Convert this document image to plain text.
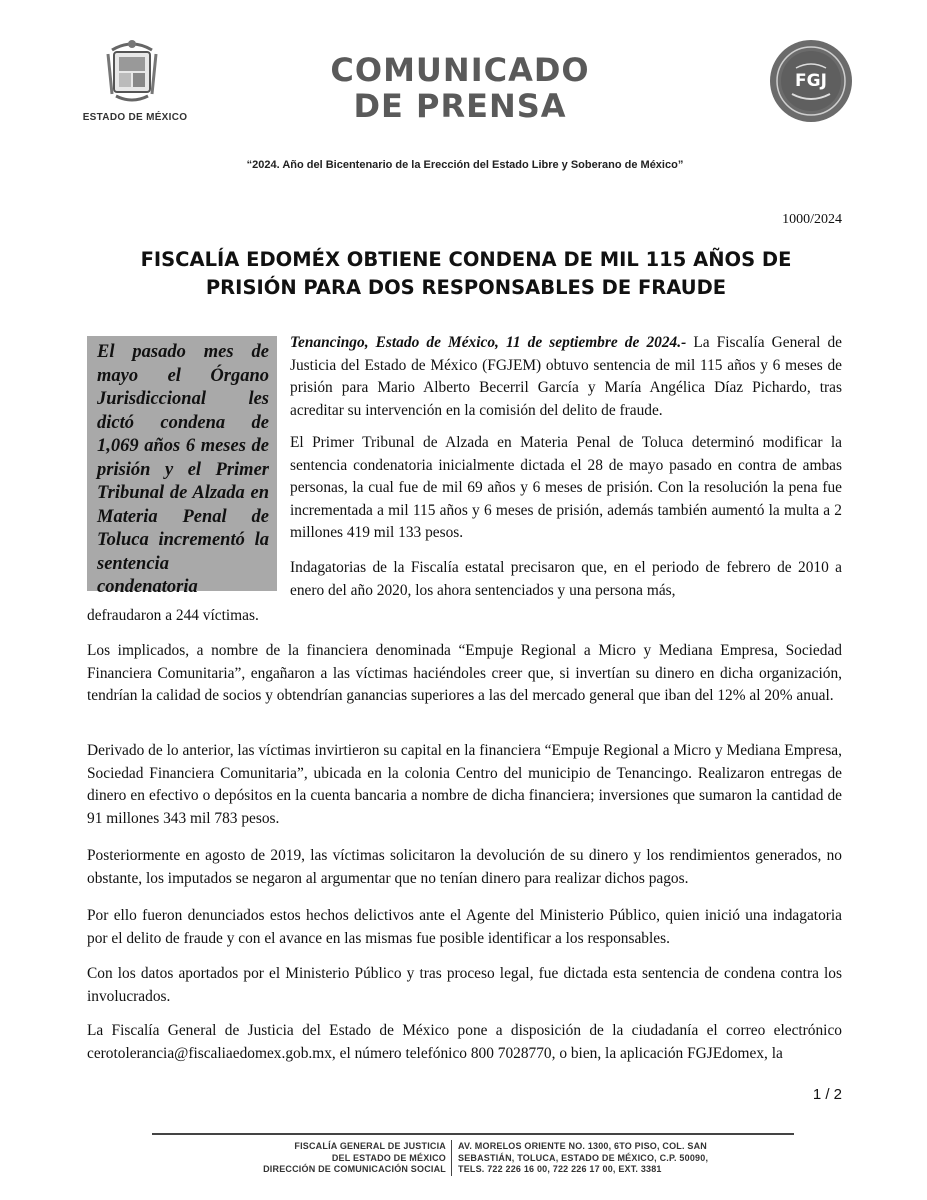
ESTADO DE MÉXICO
COMUNICADO
DE PRENSA
FGJ
“2024. Año del Bicentenario de la Erección del Estado Libre y Soberano de México”
1000/2024
FISCALÍA EDOMÉX OBTIENE CONDENA DE MIL 115 AÑOS DE
PRISIÓN PARA DOS RESPONSABLES DE FRAUDE
El pasado mes de mayo el Órgano Jurisdiccional les dictó condena de 1,069 años 6 meses de prisión y el Primer Tribunal de Alzada en Materia Penal de Toluca incrementó la sentencia condenatoria
Tenancingo, Estado de México, 11 de septiembre de 2024.- La Fiscalía General de Justicia del Estado de México (FGJEM) obtuvo sentencia de mil 115 años y 6 meses de prisión para Mario Alberto Becerril García y María Angélica Díaz Pichardo, tras acreditar su intervención en la comisión del delito de fraude.
El Primer Tribunal de Alzada en Materia Penal de Toluca determinó modificar la sentencia condenatoria inicialmente dictada el 28 de mayo pasado en contra de ambas personas, la cual fue de mil 69 años y 6 meses de prisión. Con la resolución la pena fue incrementada a mil 115 años y 6 meses de prisión, además también aumentó la multa a 2 millones 419 mil 133 pesos.
Indagatorias de la Fiscalía estatal precisaron que, en el periodo de febrero de 2010 a enero del año 2020, los ahora sentenciados y una persona más,
defraudaron a 244 víctimas.
Los implicados, a nombre de la financiera denominada “Empuje Regional a Micro y Mediana Empresa, Sociedad Financiera Comunitaria”, engañaron a las víctimas haciéndoles creer que, si invertían su dinero en dicha organización, tendrían la calidad de socios y obtendrían ganancias superiores a las del mercado general que iban del 12% al 20% anual.
Derivado de lo anterior, las víctimas invirtieron su capital en la financiera “Empuje Regional a Micro y Mediana Empresa, Sociedad Financiera Comunitaria”, ubicada en la colonia Centro del municipio de Tenancingo. Realizaron entregas de dinero en efectivo o depósitos en la cuenta bancaria a nombre de dicha financiera; inversiones que sumaron la cantidad de 91 millones 343 mil 783 pesos.
Posteriormente en agosto de 2019, las víctimas solicitaron la devolución de su dinero y los rendimientos generados, no obstante, los imputados se negaron al argumentar que no tenían dinero para realizar dichos pagos.
Por ello fueron denunciados estos hechos delictivos ante el Agente del Ministerio Público, quien inició una indagatoria por el delito de fraude y con el avance en las mismas fue posible identificar a los responsables.
Con los datos aportados por el Ministerio Público y tras proceso legal, fue dictada esta sentencia de condena contra los involucrados.
La Fiscalía General de Justicia del Estado de México pone a disposición de la ciudadanía el correo electrónico cerotolerancia@fiscaliaedomex.gob.mx, el número telefónico 800 7028770, o bien, la aplicación FGJEdomex, la
1 / 2
FISCALÍA GENERAL DE JUSTICIA
DEL ESTADO DE MÉXICO
DIRECCIÓN DE COMUNICACIÓN SOCIAL
AV. MORELOS ORIENTE NO. 1300, 6TO PISO, COL. SAN
SEBASTIÁN, TOLUCA, ESTADO DE MÉXICO, C.P. 50090,
TELS. 722 226 16 00, 722 226 17 00, EXT. 3381
